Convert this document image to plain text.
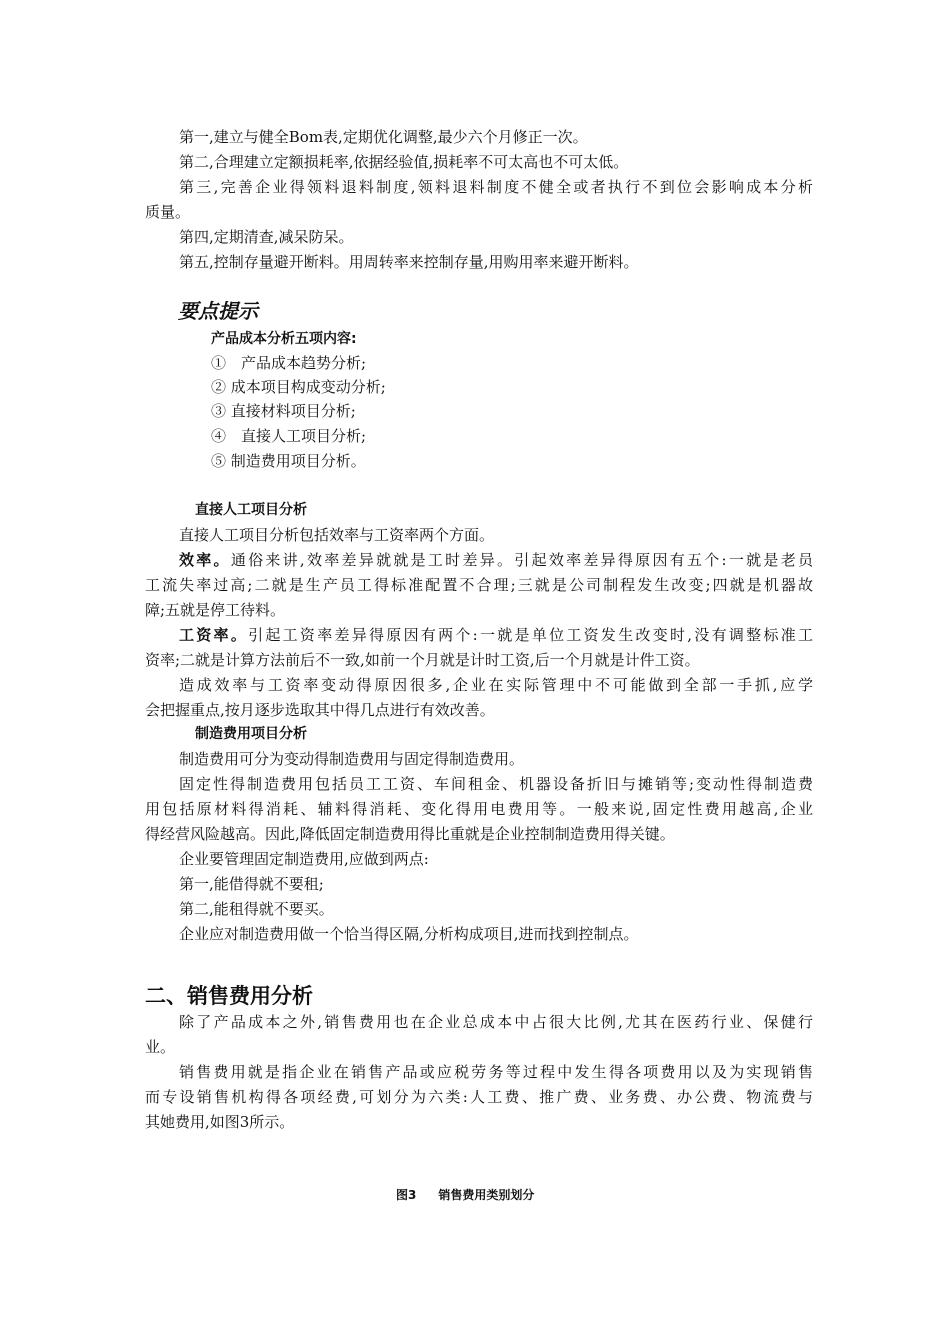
第一,建立与健全Bom表,定期优化调整,最少六个月修正一次。
第二,合理建立定额损耗率,依据经验值,损耗率不可太高也不可太低。
第三,完善企业得领料退料制度,领料退料制度不健全或者执行不到位会影响成本分析
质量。
第四,定期清查,减呆防呆。
第五,控制存量避开断料。用周转率来控制存量,用购用率来避开断料。
要点提示
产品成本分析五项内容:
①　产品成本趋势分析;
② 成本项目构成变动分析;
③ 直接材料项目分析;
④　直接人工项目分析;
⑤ 制造费用项目分析。
直接人工项目分析
直接人工项目分析包括效率与工资率两个方面。
效率。通俗来讲,效率差异就就是工时差异。引起效率差异得原因有五个:一就是老员
工流失率过高;二就是生产员工得标准配置不合理;三就是公司制程发生改变;四就是机器故
障;五就是停工待料。
工资率。引起工资率差异得原因有两个:一就是单位工资发生改变时,没有调整标准工
资率;二就是计算方法前后不一致,如前一个月就是计时工资,后一个月就是计件工资。
造成效率与工资率变动得原因很多,企业在实际管理中不可能做到全部一手抓,应学
会把握重点,按月逐步选取其中得几点进行有效改善。
制造费用项目分析
制造费用可分为变动得制造费用与固定得制造费用。
固定性得制造费用包括员工工资、车间租金、机器设备折旧与摊销等;变动性得制造费
用包括原材料得消耗、辅料得消耗、变化得用电费用等。一般来说,固定性费用越高,企业
得经营风险越高。因此,降低固定制造费用得比重就是企业控制制造费用得关键。
企业要管理固定制造费用,应做到两点:
第一,能借得就不要租;
第二,能租得就不要买。
企业应对制造费用做一个恰当得区隔,分析构成项目,进而找到控制点。
二、销售费用分析
除了产品成本之外,销售费用也在企业总成本中占很大比例,尤其在医药行业、保健行
业。
销售费用就是指企业在销售产品或应税劳务等过程中发生得各项费用以及为实现销售
而专设销售机构得各项经费,可划分为六类:人工费、推广费、业务费、办公费、物流费与
其她费用,如图3所示。
图3 销售费用类别划分
